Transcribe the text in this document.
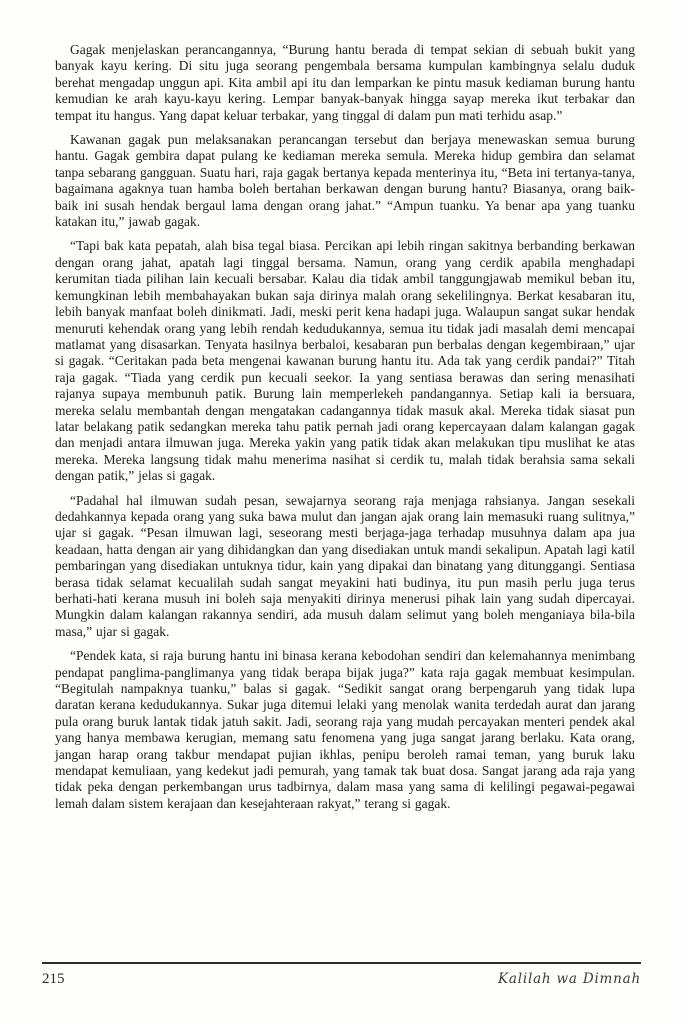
Gagak menjelaskan perancangannya, “Burung hantu berada di tempat sekian di sebuah bukit yang banyak kayu kering. Di situ juga seorang pengembala bersama kumpulan kambingnya selalu duduk berehat mengadap unggun api. Kita ambil api itu dan lemparkan ke pintu masuk kediaman burung hantu kemudian ke arah kayu-kayu kering. Lempar banyak-banyak hingga sayap mereka ikut terbakar dan tempat itu hangus. Yang dapat keluar terbakar, yang tinggal di dalam pun mati terhidu asap.”

Kawanan gagak pun melaksanakan perancangan tersebut dan berjaya menewaskan semua burung hantu. Gagak gembira dapat pulang ke kediaman mereka semula. Mereka hidup gembira dan selamat tanpa sebarang gangguan. Suatu hari, raja gagak bertanya kepada menterinya itu, “Beta ini tertanya-tanya, bagaimana agaknya tuan hamba boleh bertahan berkawan dengan burung hantu? Biasanya, orang baik-baik ini susah hendak bergaul lama dengan orang jahat.” “Ampun tuanku. Ya benar apa yang tuanku katakan itu,” jawab gagak.

“Tapi bak kata pepatah, alah bisa tegal biasa. Percikan api lebih ringan sakitnya berbanding berkawan dengan orang jahat, apatah lagi tinggal bersama. Namun, orang yang cerdik apabila menghadapi kerumitan tiada pilihan lain kecuali bersabar. Kalau dia tidak ambil tanggungjawab memikul beban itu, kemungkinan lebih membahayakan bukan saja dirinya malah orang sekelilingnya. Berkat kesabaran itu, lebih banyak manfaat boleh dinikmati. Jadi, meski perit kena hadapi juga. Walaupun sangat sukar hendak menuruti kehendak orang yang lebih rendah kedudukannya, semua itu tidak jadi masalah demi mencapai matlamat yang disasarkan. Tenyata hasilnya berbaloi, kesabaran pun berbalas dengan kegembiraan,” ujar si gagak. “Ceritakan pada beta mengenai kawanan burung hantu itu. Ada tak yang cerdik pandai?” Titah raja gagak. “Tiada yang cerdik pun kecuali seekor. Ia yang sentiasa berawas dan sering menasihati rajanya supaya membunuh patik. Burung lain memperlekeh pandangannya. Setiap kali ia bersuara, mereka selalu membantah dengan mengatakan cadangannya tidak masuk akal. Mereka tidak siasat pun latar belakang patik sedangkan mereka tahu patik pernah jadi orang kepercayaan dalam kalangan gagak dan menjadi antara ilmuwan juga. Mereka yakin yang patik tidak akan melakukan tipu muslihat ke atas mereka. Mereka langsung tidak mahu menerima nasihat si cerdik tu, malah tidak berahsia sama sekali dengan patik,” jelas si gagak.

“Padahal hal ilmuwan sudah pesan, sewajarnya seorang raja menjaga rahsianya. Jangan sesekali dedahkannya kepada orang yang suka bawa mulut dan jangan ajak orang lain memasuki ruang sulitnya,” ujar si gagak. “Pesan ilmuwan lagi, seseorang mesti berjaga-jaga terhadap musuhnya dalam apa jua keadaan, hatta dengan air yang dihidangkan dan yang disediakan untuk mandi sekalipun. Apatah lagi katil pembaringan yang disediakan untuknya tidur, kain yang dipakai dan binatang yang ditunggangi. Sentiasa berasa tidak selamat kecualilah sudah sangat meyakini hati budinya, itu pun masih perlu juga terus berhati-hati kerana musuh ini boleh saja menyakiti dirinya menerusi pihak lain yang sudah dipercayai. Mungkin dalam kalangan rakannya sendiri, ada musuh dalam selimut yang boleh menganiaya bila-bila masa,” ujar si gagak.

“Pendek kata, si raja burung hantu ini binasa kerana kebodohan sendiri dan kelemahannya menimbang pendapat panglima-panglimanya yang tidak berapa bijak juga?” kata raja gagak membuat kesimpulan. “Begitulah nampaknya tuanku,” balas si gagak. “Sedikit sangat orang berpengaruh yang tidak lupa daratan kerana kedudukannya. Sukar juga ditemui lelaki yang menolak wanita terdedah aurat dan jarang pula orang buruk lantak tidak jatuh sakit. Jadi, seorang raja yang mudah percayakan menteri pendek akal yang hanya membawa kerugian, memang satu fenomena yang juga sangat jarang berlaku. Kata orang, jangan harap orang takbur mendapat pujian ikhlas, penipu beroleh ramai teman, yang buruk laku mendapat kemuliaan, yang kedekut jadi pemurah, yang tamak tak buat dosa. Sangat jarang ada raja yang tidak peka dengan perkembangan urus tadbirnya, dalam masa yang sama di kelilingi pegawai-pegawai lemah dalam sistem kerajaan dan kesejahteraan rakyat,” terang si gagak.

215	Kalilah wa Dimnah
